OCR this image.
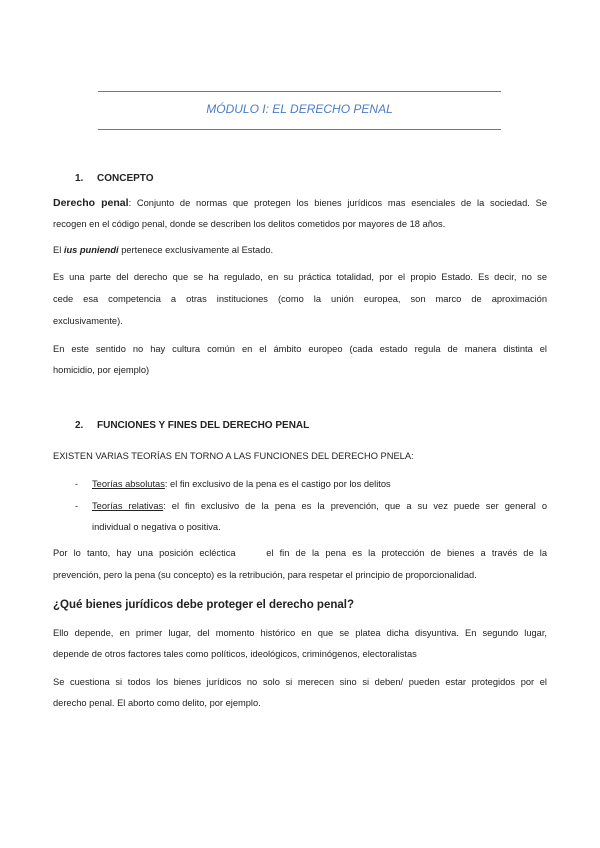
MÓDULO I: EL DERECHO PENAL
1. CONCEPTO
Derecho penal: Conjunto de normas que protegen los bienes jurídicos mas esenciales de la sociedad. Se
recogen en el código penal, donde se describen los delitos cometidos por mayores de 18 años.
El ius puniendi pertenece exclusivamente al Estado.
Es una parte del derecho que se ha regulado, en su práctica totalidad, por el propio Estado. Es decir, no se
cede esa competencia a otras instituciones (como la unión europea, son marco de aproximación
exclusivamente).
En este sentido no hay cultura común en el ámbito europeo (cada estado regula de manera distinta el
homicidio, por ejemplo)
2. FUNCIONES Y FINES DEL DERECHO PENAL
EXISTEN VARIAS TEORÍAS EN TORNO A LAS FUNCIONES DEL DERECHO PNELA:
- Teorías absolutas: el fin exclusivo de la pena es el castigo por los delitos
-	Teorías relativas: el fin exclusivo de la pena es la prevención, que a su vez puede ser general o
individual o negativa o positiva.
Por lo tanto, hay una posición ecléctica     el fin de la pena es la protección de bienes a través de la
prevención, pero la pena (su concepto) es la retribución, para respetar el principio de proporcionalidad.
¿Qué bienes jurídicos debe proteger el derecho penal?
Ello depende, en primer lugar, del momento histórico en que se platea dicha disyuntiva. En segundo lugar,
depende de otros factores tales como políticos, ideológicos, criminógenos, electoralistas
Se cuestiona si todos los bienes jurídicos no solo si merecen sino si deben/ pueden estar protegidos por el
derecho penal. El aborto como delito, por ejemplo.
